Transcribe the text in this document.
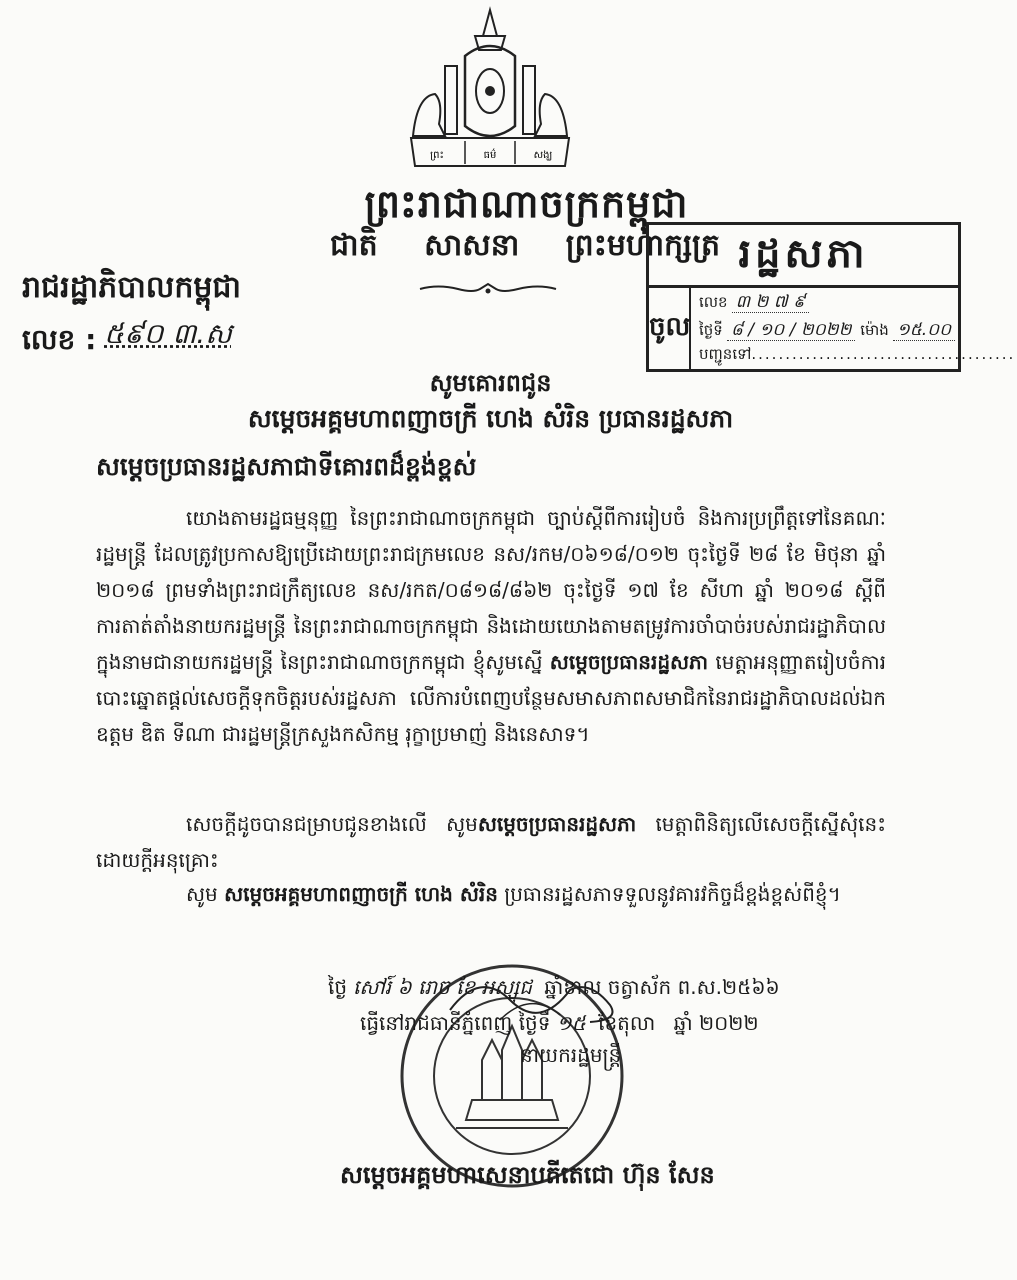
ព្រះ	ធម៌	សង្ឃ
ព្រះរាជាណាចក្រកម្ពុជា
ជាតិ សាសនា ព្រះមហាក្សត្រ
រាជរដ្ឋាភិបាលកម្ពុជា
លេខ : ៥៩០ ៣.ស
រដ្ឋសភា
ចូល
លេខ ៣ ២ ៧ ៩
ថ្ងៃទី ៨ / ១០ / ២០២២ ម៉ោង ១៥.០០
បញ្ជូនទៅ.......................................
សូមគោរពជូន
សម្តេចអគ្គមហាពញាចក្រី ហេង សំរិន ប្រធានរដ្ឋសភា
សម្តេចប្រធានរដ្ឋសភាជាទីគោរពដ៏ខ្ពង់ខ្ពស់
យោងតាមរដ្ឋធម្មនុញ្ញ នៃព្រះរាជាណាចក្រកម្ពុជា ច្បាប់ស្តីពីការរៀបចំ និងការប្រព្រឹត្តទៅនៃគណៈរដ្ឋមន្ត្រី ដែលត្រូវប្រកាសឱ្យប្រើដោយព្រះរាជក្រមលេខ នស/រកម/០៦១៨/០១២ ចុះថ្ងៃទី ២៨ ខែ មិថុនា ឆ្នាំ ២០១៨ ព្រមទាំងព្រះរាជក្រឹត្យលេខ នស/រកត/០៨១៨/៨៦២ ចុះថ្ងៃទី ១៧ ខែ សីហា ឆ្នាំ ២០១៨ ស្តីពីការតាត់តាំងនាយករដ្ឋមន្ត្រី នៃព្រះរាជាណាចក្រកម្ពុជា និងដោយយោងតាមតម្រូវការចាំបាច់របស់រាជរដ្ឋាភិបាល ក្នុងនាមជានាយករដ្ឋមន្ត្រី នៃព្រះរាជាណាចក្រកម្ពុជា ខ្ញុំសូមស្នើ សម្តេចប្រធានរដ្ឋសភា មេត្តាអនុញ្ញាតរៀបចំការបោះឆ្នោតផ្តល់សេចក្តីទុកចិត្តរបស់រដ្ឋសភា លើការបំពេញបន្ថែមសមាសភាពសមាជិកនៃរាជរដ្ឋាភិបាលដល់ឯកឧត្តម ឌិត ទីណា ជារដ្ឋមន្ត្រីក្រសួងកសិកម្ម រុក្ខាប្រមាញ់ និងនេសាទ។
សេចក្តីដូចបានជម្រាបជូនខាងលើ សូមសម្តេចប្រធានរដ្ឋសភា មេត្តាពិនិត្យលើសេចក្តីស្នើសុំនេះដោយក្តីអនុគ្រោះ
សូម សម្តេចអគ្គមហាពញាចក្រី ហេង សំរិន ប្រធានរដ្ឋសភាទទួលនូវគារវកិច្ចដ៏ខ្ពង់ខ្ពស់ពីខ្ញុំ។
ថ្ងៃ សៅរ៍ ៦ រោច ខែ អស្សុជ ឆ្នាំខាល ចត្វាស័ក ព.ស.២៥៦៦
ធ្វើនៅរាជធានីភ្នំពេញ ថ្ងៃទី ១៥ ខែតុលា ឆ្នាំ ២០២២
នាយករដ្ឋមន្ត្រី
សម្តេចអគ្គមហាសេនាបតីតេជោ ហ៊ុន សែន
